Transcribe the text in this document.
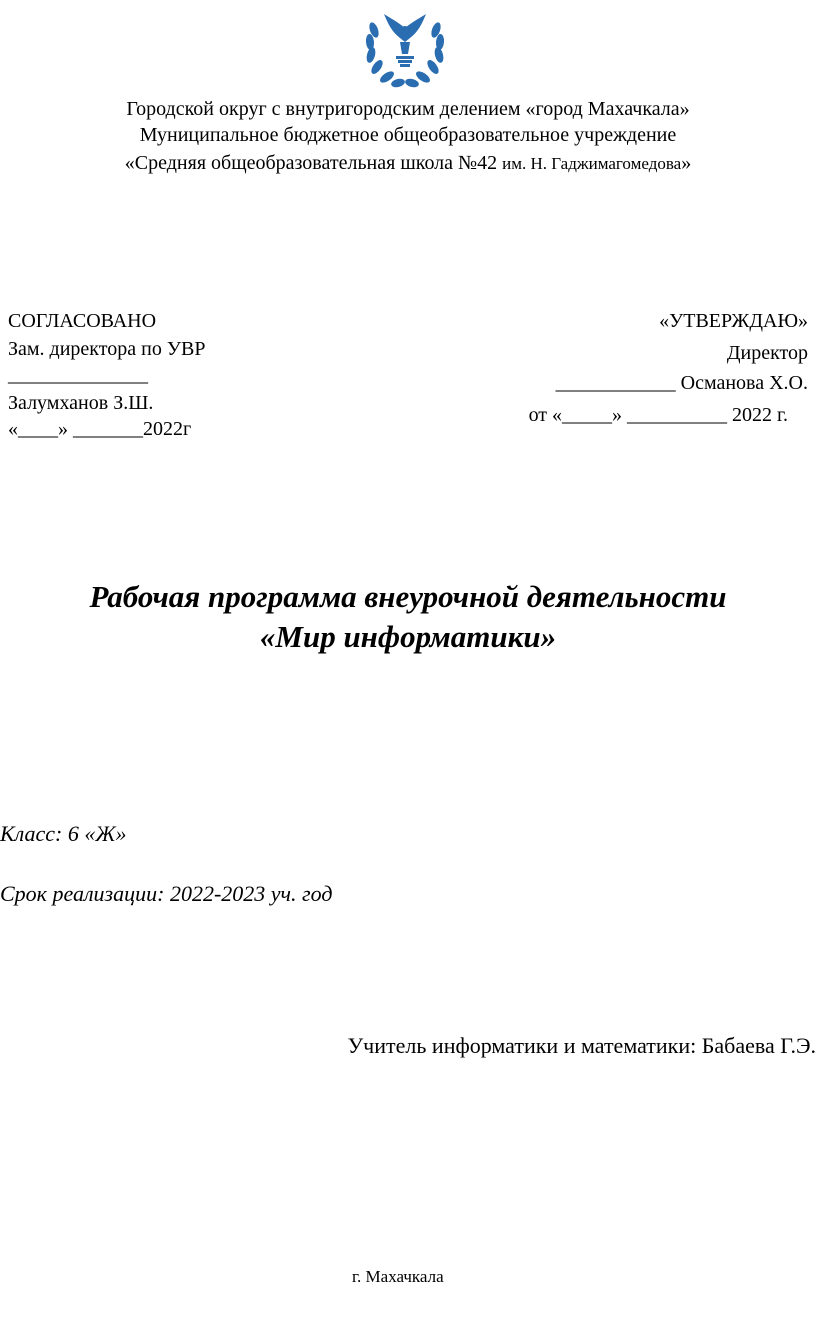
Городской округ с внутригородским делением «город Махачкала»
Муниципальное бюджетное общеобразовательное учреждение
«Средняя общеобразовательная школа №42 им. Н. Гаджимагомедова»
СОГЛАСОВАНО
Зам. директора по УВР
______________
Залумханов З.Ш.
«____» _______2022г
«УТВЕРЖДАЮ»
Директор
____________ Османова Х.О.
от «_____» __________ 2022 г.
Рабочая программа внеурочной деятельности
«Мир информатики»
Класс: 6 «Ж»
Срок реализации: 2022-2023 уч. год
Учитель информатики и математики: Бабаева Г.Э.
г. Махачкала
